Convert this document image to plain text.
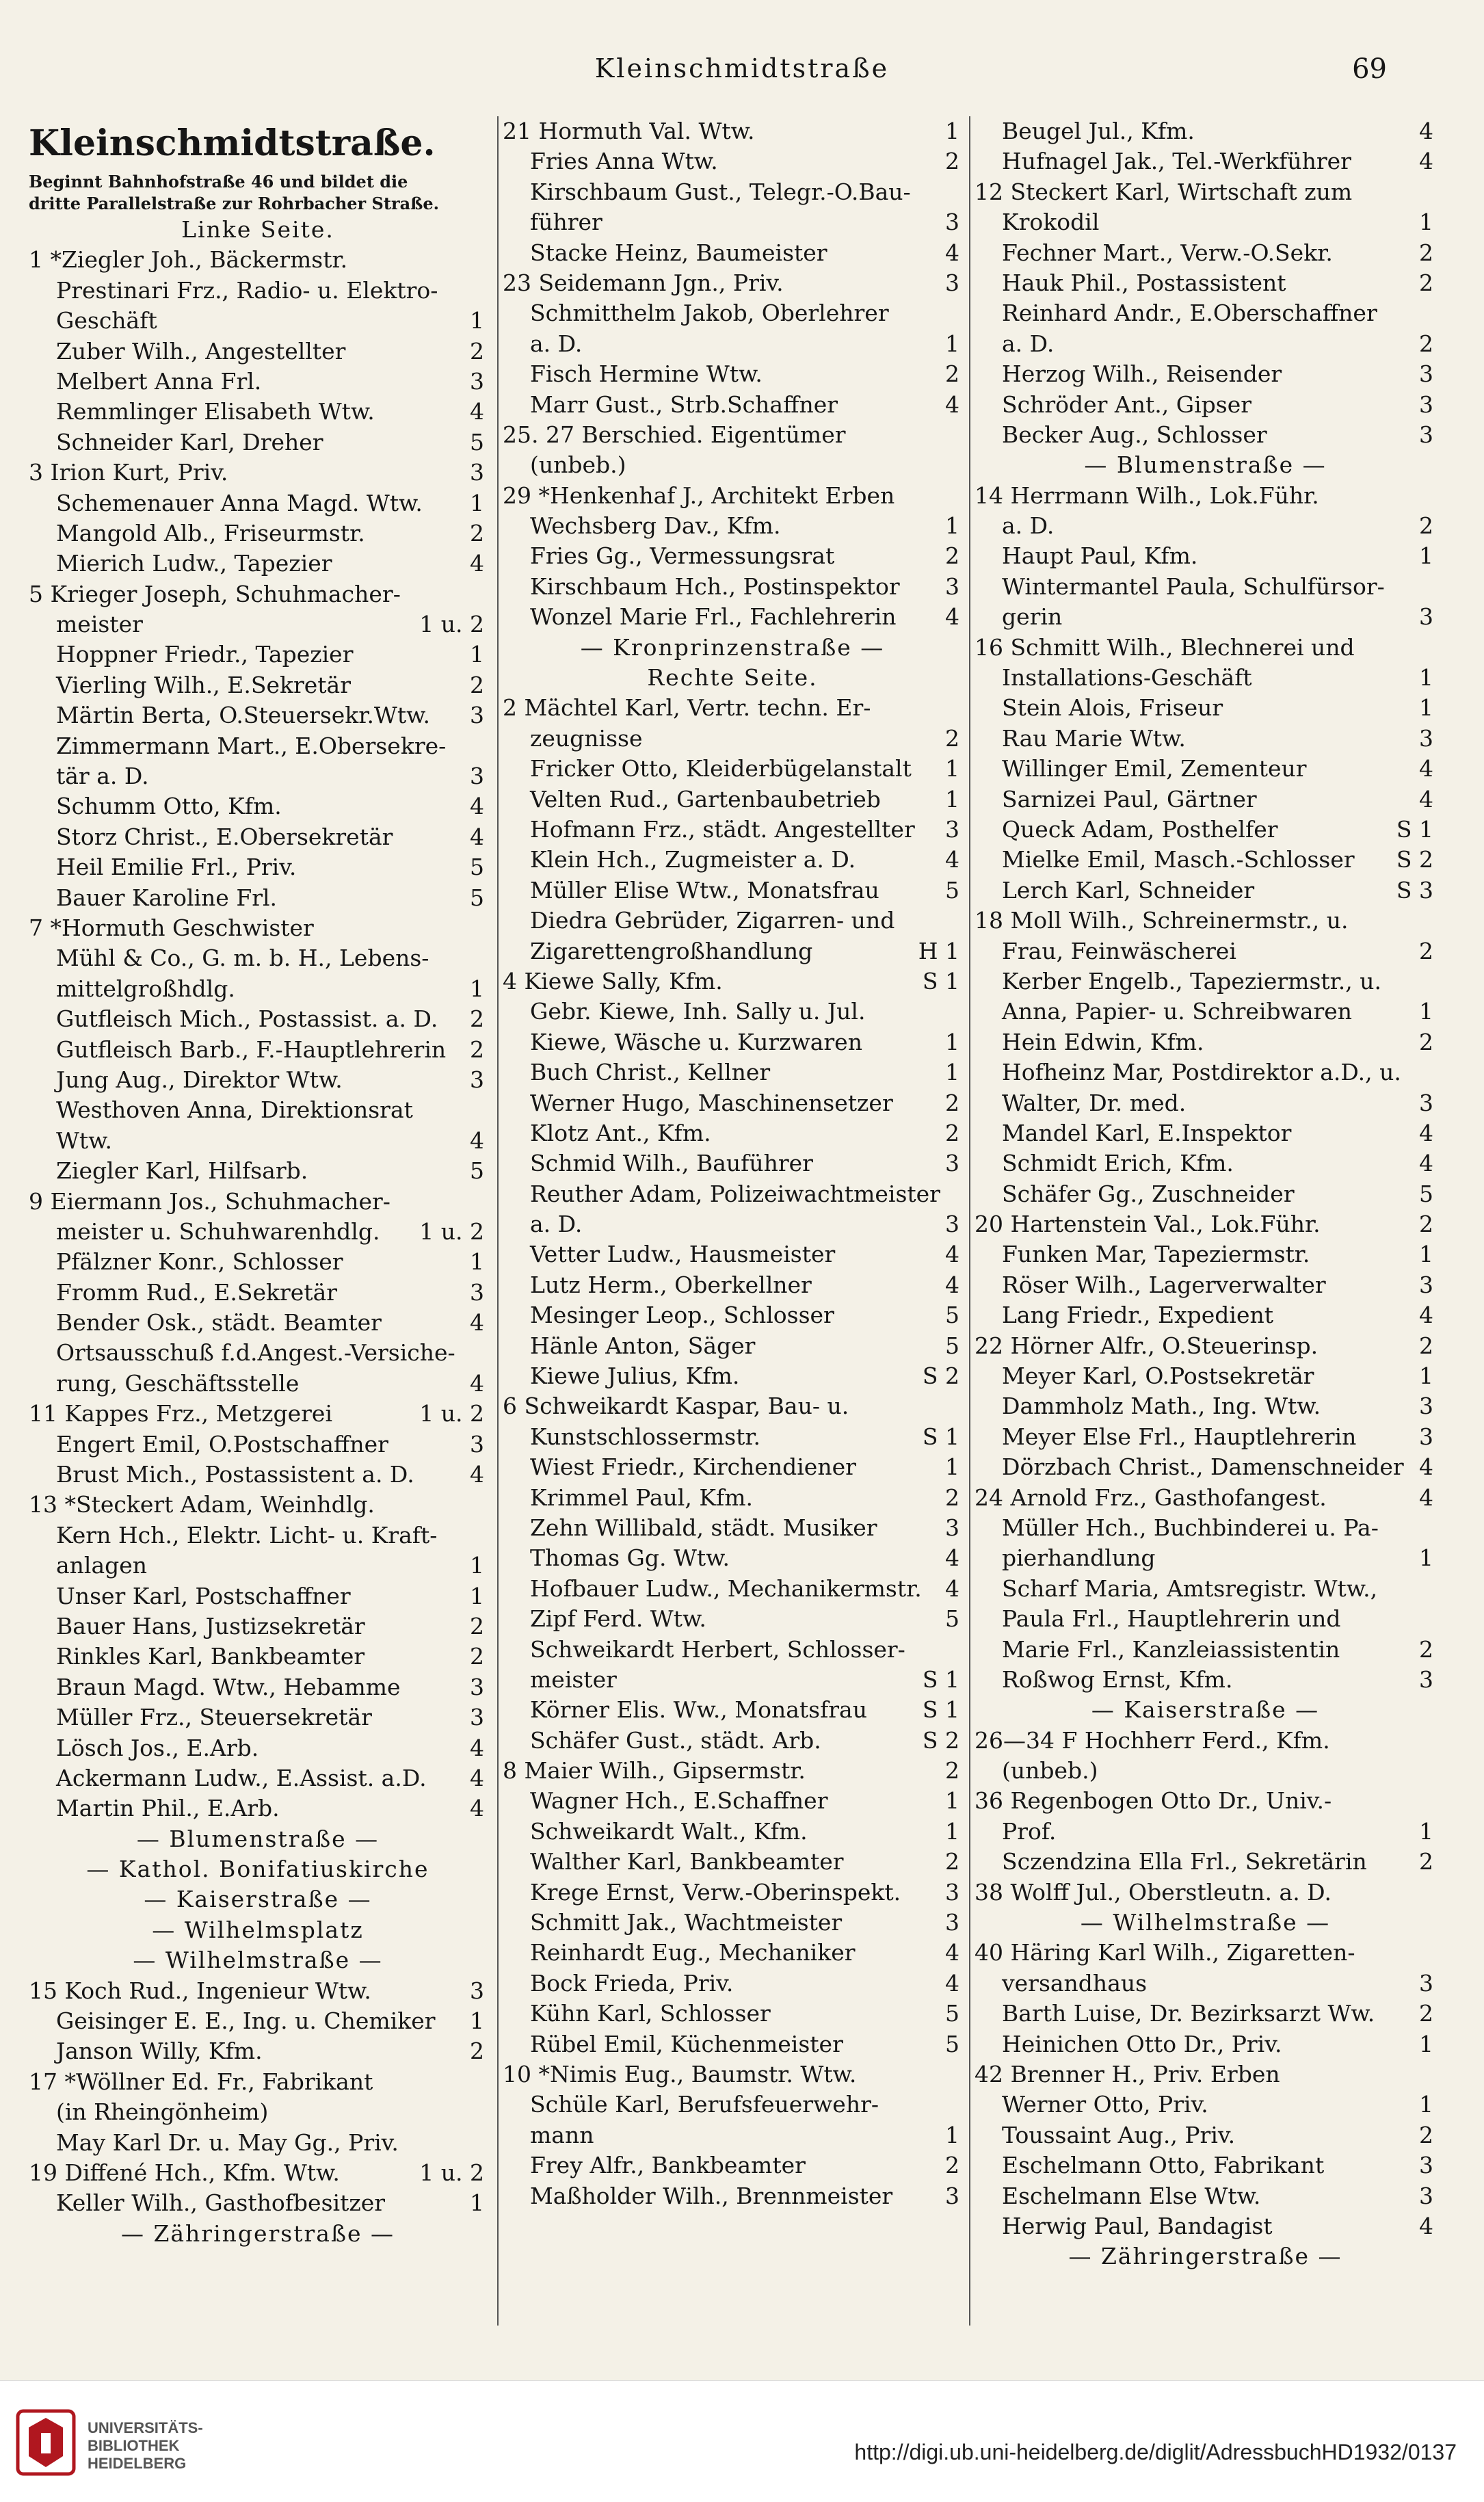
Kleinschmidtstraße	69
Kleinschmidtstraße.
Beginnt Bahnhofstraße 46 und bildet die
dritte Parallelstraße zur Rohrbacher Straße.
Linke Seite.
1 *Ziegler Joh., Bäckermstr.
Prestinari Frz., Radio- u. Elektro-
Geschäft	1
Zuber Wilh., Angestellter	2
Melbert Anna Frl.	3
Remmlinger Elisabeth Wtw.	4
Schneider Karl, Dreher	5
3 Irion Kurt, Priv.	3
Schemenauer Anna Magd. Wtw. 1
Mangold Alb., Friseurmstr.	2
Mierich Ludw., Tapezier	4
5 Krieger Joseph, Schuhmacher-
meister	1 u. 2
Hoppner Friedr., Tapezier	1
Vierling Wilh., E.Sekretär	2
Märtin Berta, O.Steuersekr.Wtw. 3
Zimmermann Mart., E.Obersekre-
tär a. D.	3
Schumm Otto, Kfm.	4
Storz Christ., E.Obersekretär	4
Heil Emilie Frl., Priv.	5
Bauer Karoline Frl.	5
7 *Hormuth Geschwister
Mühl & Co., G. m. b. H., Lebens-
mittelgroßhdlg.	1
Gutfleisch Mich., Postassist. a. D. 2
Gutfleisch Barb., F.-Hauptlehrerin 2
Jung Aug., Direktor Wtw.	3
Westhoven Anna, Direktionsrat
Wtw.	4
Ziegler Karl, Hilfsarb.	5
9 Eiermann Jos., Schuhmacher-
meister u. Schuhwarenhdlg. 1 u. 2
Pfälzner Konr., Schlosser	1
Fromm Rud., E.Sekretär	3
Bender Osk., städt. Beamter	4
Ortsausschuß f.d.Angest.-Versiche-
rung, Geschäftsstelle	4
11 Kappes Frz., Metzgerei	1 u. 2
Engert Emil, O.Postschaffner	3
Brust Mich., Postassistent a. D. 4
13 *Steckert Adam, Weinhdlg.
Kern Hch., Elektr. Licht- u. Kraft-
anlagen	1
Unser Karl, Postschaffner	1
Bauer Hans, Justizsekretär	2
Rinkles Karl, Bankbeamter	2
Braun Magd. Wtw., Hebamme	3
Müller Frz., Steuersekretär	3
Lösch Jos., E.Arb.	4
Ackermann Ludw., E.Assist. a.D. 4
Martin Phil., E.Arb.	4
— Blumenstraße —
— Kathol. Bonifatiuskirche
— Kaiserstraße —
— Wilhelmsplatz
— Wilhelmstraße —
15 Koch Rud., Ingenieur Wtw.	3
Geisinger E. E., Ing. u. Chemiker 1
Janson Willy, Kfm.	2
17 *Wöllner Ed. Fr., Fabrikant
(in Rheingönheim)
May Karl Dr. u. May Gg., Priv.
19 Diffené Hch., Kfm. Wtw.	1 u. 2
Keller Wilh., Gasthofbesitzer	1
— Zähringerstraße —
21 Hormuth Val. Wtw.	1
Fries Anna Wtw.	2
Kirschbaum Gust., Telegr.-O.Bau-
führer	3
Stacke Heinz, Baumeister	4
23 Seidemann Jgn., Priv.	3
Schmitthelm Jakob, Oberlehrer
a. D.	1
Fisch Hermine Wtw.	2
Marr Gust., Strb.Schaffner	4
25. 27 Berschied. Eigentümer
(unbeb.)
29 *Henkenhaf J., Architekt Erben
Wechsberg Dav., Kfm.	1
Fries Gg., Vermessungsrat	2
Kirschbaum Hch., Postinspektor 3
Wonzel Marie Frl., Fachlehrerin 4
— Kronprinzenstraße —
Rechte Seite.
2 Mächtel Karl, Vertr. techn. Er-
zeugnisse	2
Fricker Otto, Kleiderbügelanstalt 1
Velten Rud., Gartenbaubetrieb	1
Hofmann Frz., städt. Angestellter 3
Klein Hch., Zugmeister a. D.	4
Müller Elise Wtw., Monatsfrau	5
Diedra Gebrüder, Zigarren- und
Zigarettengroßhandlung	H 1
4 Kiewe Sally, Kfm.	S 1
Gebr. Kiewe, Inh. Sally u. Jul.
Kiewe, Wäsche u. Kurzwaren	1
Buch Christ., Kellner	1
Werner Hugo, Maschinensetzer 2
Klotz Ant., Kfm.	2
Schmid Wilh., Bauführer	3
Reuther Adam, Polizeiwachtmeister
a. D.	3
Vetter Ludw., Hausmeister	4
Lutz Herm., Oberkellner	4
Mesinger Leop., Schlosser	5
Hänle Anton, Säger	5
Kiewe Julius, Kfm.	S 2
6 Schweikardt Kaspar, Bau- u.
Kunstschlossermstr.	S 1
Wiest Friedr., Kirchendiener	1
Krimmel Paul, Kfm.	2
Zehn Willibald, städt. Musiker	3
Thomas Gg. Wtw.	4
Hofbauer Ludw., Mechanikermstr. 4
Zipf Ferd. Wtw.	5
Schweikardt Herbert, Schlosser-
meister	S 1
Körner Elis. Ww., Monatsfrau S 1
Schäfer Gust., städt. Arb.	S 2
8 Maier Wilh., Gipsermstr.	2
Wagner Hch., E.Schaffner	1
Schweikardt Walt., Kfm.	1
Walther Karl, Bankbeamter	2
Krege Ernst, Verw.-Oberinspekt. 3
Schmitt Jak., Wachtmeister	3
Reinhardt Eug., Mechaniker	4
Bock Frieda, Priv.	4
Kühn Karl, Schlosser	5
Rübel Emil, Küchenmeister	5
10 *Nimis Eug., Baumstr. Wtw.
Schüle Karl, Berufsfeuerwehr-
mann	1
Frey Alfr., Bankbeamter	2
Maßholder Wilh., Brennmeister 3
Beugel Jul., Kfm.	4
Hufnagel Jak., Tel.-Werkführer	4
12 Steckert Karl, Wirtschaft zum
Krokodil	1
Fechner Mart., Verw.-O.Sekr.	2
Hauk Phil., Postassistent	2
Reinhard Andr., E.Oberschaffner
a. D.	2
Herzog Wilh., Reisender	3
Schröder Ant., Gipser	3
Becker Aug., Schlosser	3
— Blumenstraße —
14 Herrmann Wilh., Lok.Führ.
a. D.	2
Haupt Paul, Kfm.	1
Wintermantel Paula, Schulfürsor-
gerin	3
16 Schmitt Wilh., Blechnerei und
Installations-Geschäft	1
Stein Alois, Friseur	1
Rau Marie Wtw.	3
Willinger Emil, Zementeur	4
Sarnizei Paul, Gärtner	4
Queck Adam, Posthelfer	S 1
Mielke Emil, Masch.-Schlosser S 2
Lerch Karl, Schneider	S 3
18 Moll Wilh., Schreinermstr., u.
Frau, Feinwäscherei	2
Kerber Engelb., Tapeziermstr., u.
Anna, Papier- u. Schreibwaren	1
Hein Edwin, Kfm.	2
Hofheinz Mar, Postdirektor a.D., u.
Walter, Dr. med.	3
Mandel Karl, E.Inspektor	4
Schmidt Erich, Kfm.	4
Schäfer Gg., Zuschneider	5
20 Hartenstein Val., Lok.Führ.	2
Funken Mar, Tapeziermstr.	1
Röser Wilh., Lagerverwalter	3
Lang Friedr., Expedient	4
22 Hörner Alfr., O.Steuerinsp.	2
Meyer Karl, O.Postsekretär	1
Dammholz Math., Ing. Wtw.	3
Meyer Else Frl., Hauptlehrerin	3
Dörzbach Christ., Damenschneider 4
24 Arnold Frz., Gasthofangest.	4
Müller Hch., Buchbinderei u. Pa-
pierhandlung	1
Scharf Maria, Amtsregistr. Wtw.,
Paula Frl., Hauptlehrerin und
Marie Frl., Kanzleiassistentin	2
Roßwog Ernst, Kfm.	3
— Kaiserstraße —
26—34 F Hochherr Ferd., Kfm.
(unbeb.)
36 Regenbogen Otto Dr., Univ.-
Prof.	1
Sczendzina Ella Frl., Sekretärin 2
38 Wolff Jul., Oberstleutn. a. D.
— Wilhelmstraße —
40 Häring Karl Wilh., Zigaretten-
versandhaus	3
Barth Luise, Dr. Bezirksarzt Ww. 2
Heinichen Otto Dr., Priv.	1
42 Brenner H., Priv. Erben
Werner Otto, Priv.	1
Toussaint Aug., Priv.	2
Eschelmann Otto, Fabrikant	3
Eschelmann Else Wtw.	3
Herwig Paul, Bandagist	4
— Zähringerstraße —
UNIVERSITÄTS-
BIBLIOTHEK
HEIDELBERG	http://digi.ub.uni-heidelberg.de/diglit/AdressbuchHD1932/0137
